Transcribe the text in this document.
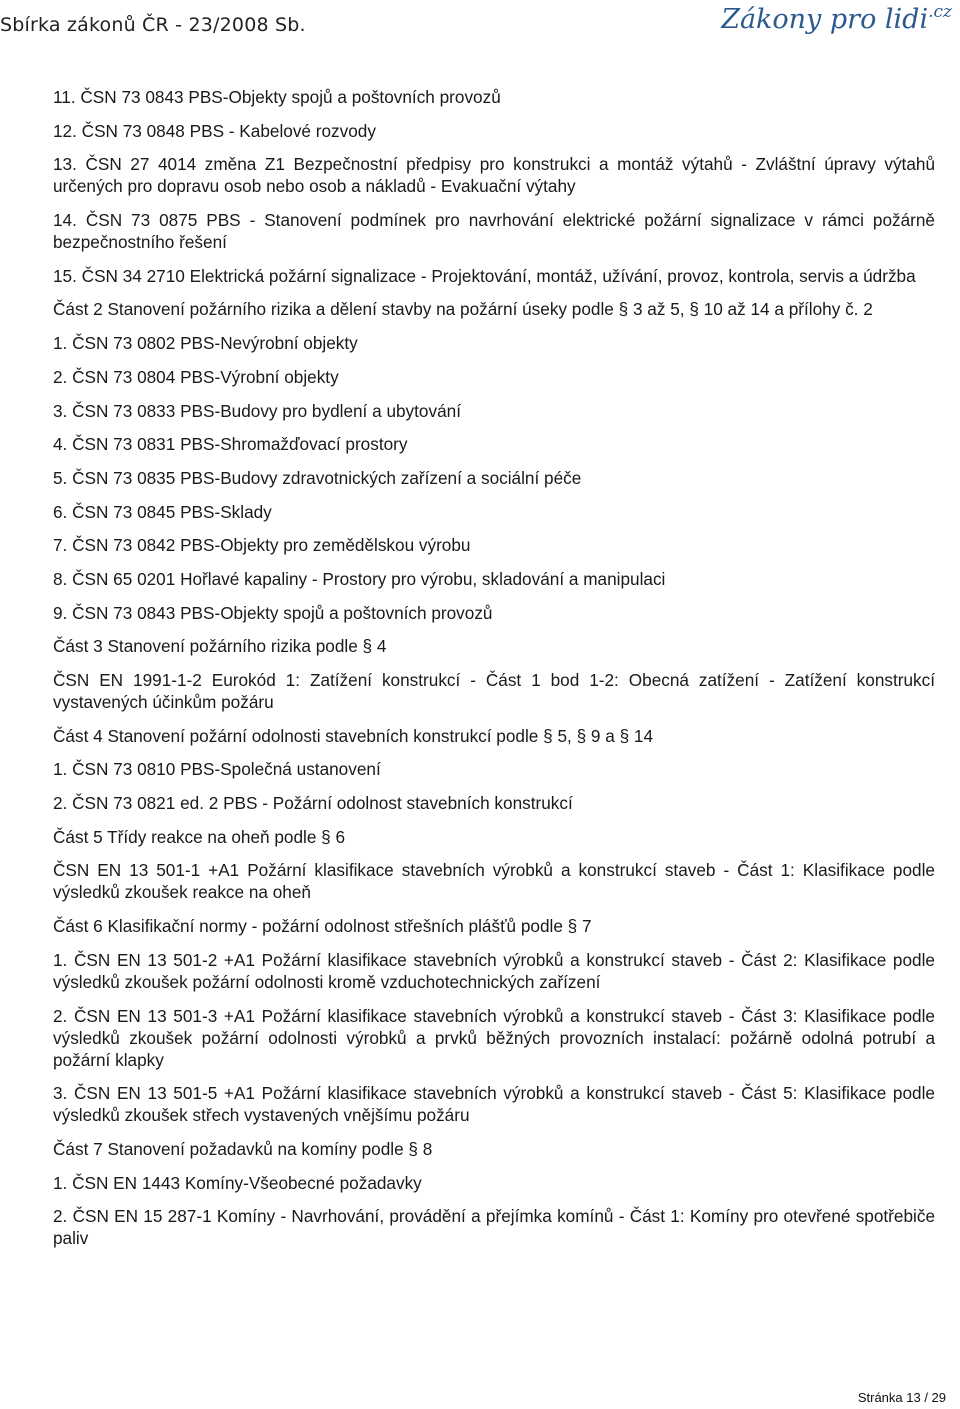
Sbírka zákonů ČR - 23/2008 Sb.	Zákony pro lidi$^{.cz}$

11. ČSN 73 0843 PBS-Objekty spojů a poštovních provozů

12. ČSN 73 0848 PBS - Kabelové rozvody

13. ČSN 27 4014 změna Z1 Bezpečnostní předpisy pro konstrukci a montáž výtahů - Zvláštní úpravy výtahů určených pro dopravu osob nebo osob a nákladů - Evakuační výtahy

14. ČSN 73 0875 PBS - Stanovení podmínek pro navrhování elektrické požární signalizace v rámci požárně bezpečnostního řešení

15. ČSN 34 2710 Elektrická požární signalizace - Projektování, montáž, užívání, provoz, kontrola, servis a údržba

Část 2 Stanovení požárního rizika a dělení stavby na požární úseky podle § 3 až 5, § 10 až 14 a přílohy č. 2

1. ČSN 73 0802 PBS-Nevýrobní objekty

2. ČSN 73 0804 PBS-Výrobní objekty

3. ČSN 73 0833 PBS-Budovy pro bydlení a ubytování

4. ČSN 73 0831 PBS-Shromažďovací prostory

5. ČSN 73 0835 PBS-Budovy zdravotnických zařízení a sociální péče

6. ČSN 73 0845 PBS-Sklady

7. ČSN 73 0842 PBS-Objekty pro zemědělskou výrobu

8. ČSN 65 0201 Hořlavé kapaliny - Prostory pro výrobu, skladování a manipulaci

9. ČSN 73 0843 PBS-Objekty spojů a poštovních provozů

Část 3 Stanovení požárního rizika podle § 4

ČSN EN 1991-1-2 Eurokód 1: Zatížení konstrukcí - Část 1 bod 1-2: Obecná zatížení - Zatížení konstrukcí vystavených účinkům požáru

Část 4 Stanovení požární odolnosti stavebních konstrukcí podle § 5, § 9 a § 14

1. ČSN 73 0810 PBS-Společná ustanovení

2. ČSN 73 0821 ed. 2 PBS - Požární odolnost stavebních konstrukcí

Část 5 Třídy reakce na oheň podle § 6

ČSN EN 13 501-1 +A1 Požární klasifikace stavebních výrobků a konstrukcí staveb - Část 1: Klasifikace podle výsledků zkoušek reakce na oheň

Část 6 Klasifikační normy - požární odolnost střešních plášťů podle § 7

1. ČSN EN 13 501-2 +A1 Požární klasifikace stavebních výrobků a konstrukcí staveb - Část 2: Klasifikace podle výsledků zkoušek požární odolnosti kromě vzduchotechnických zařízení

2. ČSN EN 13 501-3 +A1 Požární klasifikace stavebních výrobků a konstrukcí staveb - Část 3: Klasifikace podle výsledků zkoušek požární odolnosti výrobků a prvků běžných provozních instalací: požárně odolná potrubí a požární klapky

3. ČSN EN 13 501-5 +A1 Požární klasifikace stavebních výrobků a konstrukcí staveb - Část 5: Klasifikace podle výsledků zkoušek střech vystavených vnějšímu požáru

Část 7 Stanovení požadavků na komíny podle § 8

1. ČSN EN 1443 Komíny-Všeobecné požadavky

2. ČSN EN 15 287-1 Komíny - Navrhování, provádění a přejímka komínů - Část 1: Komíny pro otevřené spotřebiče paliv

Stránka 13 / 29
